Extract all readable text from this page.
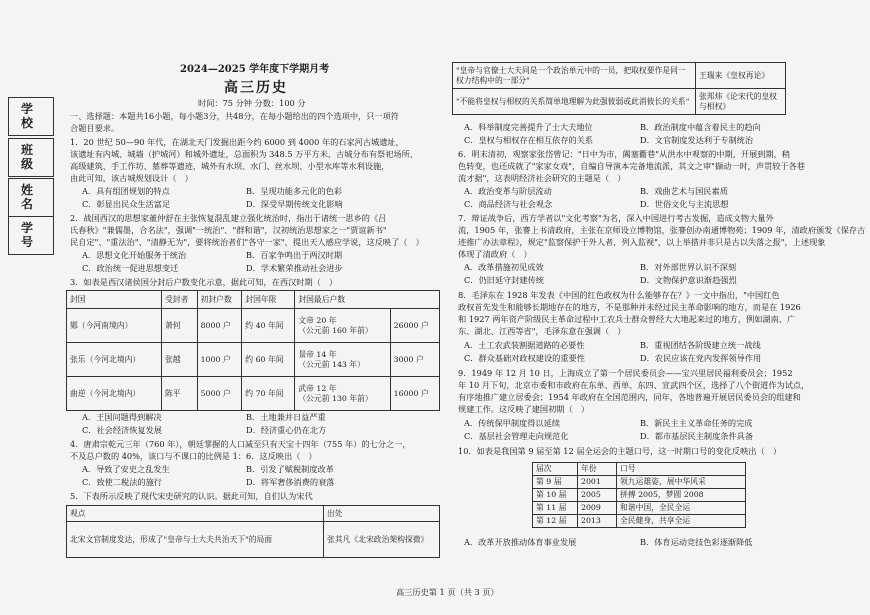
学 校
班 级
姓 名
学 号
2024—2025 学年度下学期月考
高三历史
时间：75 分钟 分数：100 分
一、选择题：本题共16小题，每小题3分，共48分，在每小题给出的四个选项中，只一项符
合题目要求。
1．20 世纪 50—90 年代，在湖北天门发掘出距今约 6000 到 4000 年的石家河古城遗址，
该遗址有内城、城墙（护城河）和城外遗址，总面积为 348.5 万平方米，古城分布有祭祀场所、
高级建筑、手工作坊、墓葬等遗迹，城外有水坝、水门、丝水坝、小型水库等水利设施，
由此可知，该古城规划设计（　）
A．具有组团规划的特点	B．呈现功能多元化的色彩
C．彰显出民众生活富足	D．深受早期传统文化影响
2．战国西汉的思想家董仲舒在主张恢复混乱建立强化统治时，指出于诸统一思乡的《吕
氏春秋》"兼儒墨，合名法"，强调"一统治"、"群和谐"，汉初统治思想家之一"贾谊新书"
民自定"、"重法治"、"清静无为"，要将统治者们"各守一家"，提出天人感应学说，这反映了（　）
A．思想文化开始服务于统治	B．百家争鸣出于两汉时期
C．政治统一促进思想变迁	D．学术繁荣推动社会进步
3．如表是西汉诸侯国分封后户数变化示意，据此可知，在西汉时期（　）
封国	受封者	初封户数	封国年限	封国最后户数	
鄚（今河南境内）	萧何	8000 户	约 40 年间	文帝 20 年
（公元前 160 年前）	26000 户
张乐（今河北境内）	张越	1000 户	约 60 年间	景帝 14 年
（公元前 143 年）	3000 户
曲逆（今河北境内）	陈平	5000 户	约 70 年间	武帝 12 年
（公元前 130 年前）	16000 户
A．王国问题得到解决	B．土地兼并日益严重
C．社会经济恢复发展	D．经济重心仍在北方
4．唐肃宗乾元三年（760 年），朝廷掌握的人口减至只有天宝十四年（755 年）的七分之一，
不及总户数的 40%，该口与不课口的比例是 1：6．这反映出（　）
A．导致了安史之乱发生	B．引发了赋税制度改革
C．致使二税法的施行	D．将军奢侈消费的衰落
5．下表所示反映了现代宋史研究的认识。据此可知，自们认为宋代
观点	出处
北宋文官制度发达，形成了"皇帝与士大夫共治天下"的局面	张其凡《北宋政治架构探微》
"皇帝与官僚士大夫同是一个政治单元中的一员，把取权要作是同一权力结构中的一部分"	王瑞来《皇权再论》
"不能将皇权与相权的关系简单地理解为此强彼弱或此消彼长的关系"	张邦炜《论宋代的皇权与相权》
A．科举制度完善提升了士大夫地位	B．政治制度中蕴含着民主的趋向
C．皇权与相权存在相互依存的关系	D．文官制度发达利于专制统治
6．明末清初，观察家张岱曾记："日中为市，阗塞衢巷"从洪水中观察的中期，开展到期，稍
色转变，也还成就了"家家女戏"，自编自导演本完备地流派，其文之审"撷动一时，声贯较于各巷
流才据"，这表明经济社会研究的主题是（　）
A．政治变革与阶层流动	B．戏曲艺术与国民素质
C．商品经济与社会观念	D．世俗文化与主流思想
7．辩证战争后，西方学者以"文化考察"为名，深入中国进行考古发掘，造成文物大量外
流，1905 年，张謇上书清政府，主张在京师设立博物馆，张謇创办南通博物苑；1909 年，清政府颁发《保存古
迹推广办法章程》，规定"监察保护于外人者，列入监视"，以上举措并非只是古以失落之报"，上述现象
体现了清政府（　）
A．改革措施初见成效	B．对外部世界认识不深刻
C．仍旧延守封建传统	D．文物保护意识渐趋强烈
8．毛泽东在 1928 年发表《中国的红色政权为什么能够存在？》一文中指出，"中国红色
政权首先发生和能够长期地存在的地方，不是那种并未经过民主革命影响的地方，而是在 1926
和 1927 两年资产阶级民主革命过程中工农兵士群众曾经大大地起来过的地方，例如湖南、广
东、湖北、江西等省"，毛泽东意在强调（　）
A．土工农武装割据道路的必要性	B．重视团结各阶级建立统一战线
C．群众基础对政权建设的重要性	D．农民应该在党内发挥领导作用
9．1949 年 12 月 10 日，上海成立了第一个居民委员会——宝兴里居民福利委员会；1952
年 10 月下旬，北京市委和市政府在东单、西单、东四、宣武四个区，选择了八个街道作为试点，
有序地推广建立居委会；1954 年政府在全国范围内，同年，各地普遍开展居民委员会的组建和
规建工作。这反映了建国初期（　）
A．传统保甲制度得以延续	B．新民主主义革命任务的完成
C．基层社会管理走向规范化	D．都市基层民主制度条件具备
10．如表是我国第 9 届至第 12 届全运会的主题口号，这一时期口号的变化反映出（　）
届次	年份	口号
第 9 届	2001	领九运雄姿，展中华风采
第 10 届	2005	拼搏 2005，梦圆 2008
第 11 届	2009	和谐中国，全民全运
第 12 届	2013	全民健身，共享全运
A．改革开放推动体育事业发展	B．体育运动竞技色彩逐渐降低
高三历史第 1 页（共 3 页）
